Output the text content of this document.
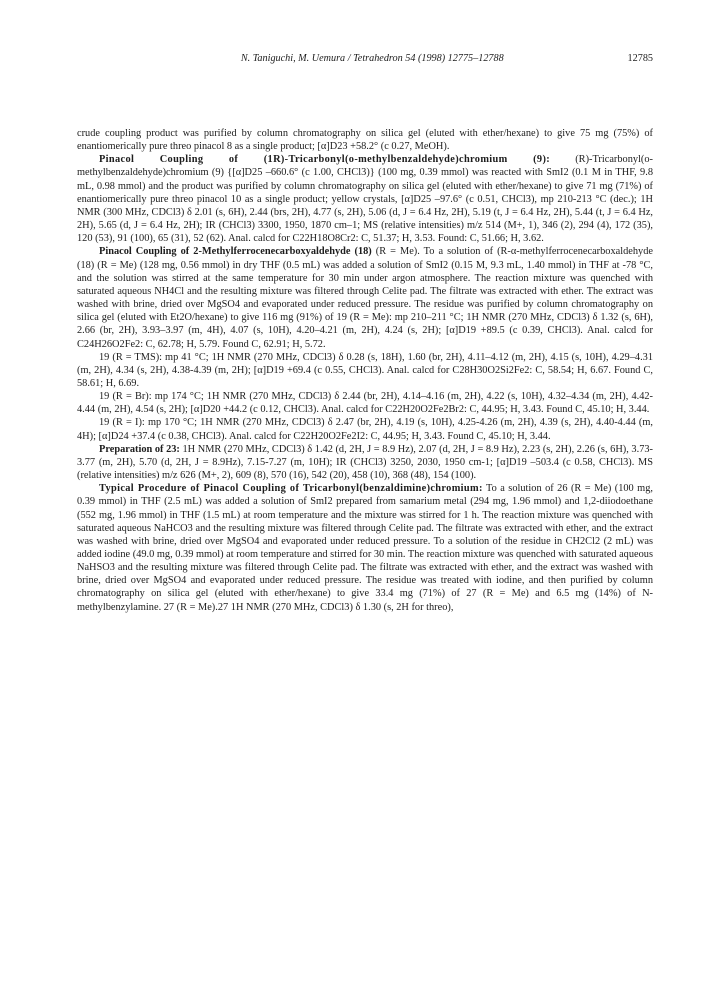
N. Taniguchi, M. Uemura / Tetrahedron 54 (1998) 12775–12788	12785

crude coupling product was purified by column chromatography on silica gel (eluted with ether/hexane) to give 75 mg (75%) of enantiomerically pure threo pinacol 8 as a single product; [α]D23 +58.2° (c 0.27, MeOH).

Pinacol Coupling of (1R)-Tricarbonyl(o-methylbenzaldehyde)chromium (9): (R)-Tricarbonyl(o-methylbenzaldehyde)chromium (9) {[α]D25 –660.6° (c 1.00, CHCl3)} (100 mg, 0.39 mmol) was reacted with SmI2 (0.1 M in THF, 9.8 mL, 0.98 mmol) and the product was purified by column chromatography on silica gel (eluted with ether/hexane) to give 71 mg (71%) of enantiomerically pure threo pinacol 10 as a single product; yellow crystals, [α]D25 –97.6° (c 0.51, CHCl3), mp 210-213 °C (dec.); 1H NMR (300 MHz, CDCl3) δ 2.01 (s, 6H), 2.44 (brs, 2H), 4.77 (s, 2H), 5.06 (d, J = 6.4 Hz, 2H), 5.19 (t, J = 6.4 Hz, 2H), 5.44 (t, J = 6.4 Hz, 2H), 5.65 (d, J = 6.4 Hz, 2H); IR (CHCl3) 3300, 1950, 1870 cm–1; MS (relative intensities) m/z 514 (M+, 1), 346 (2), 294 (4), 172 (35), 120 (53), 91 (100), 65 (31), 52 (62). Anal. calcd for C22H18O8Cr2: C, 51.37; H, 3.53. Found: C, 51.66; H, 3.62.

Pinacol Coupling of 2-Methylferrocenecarboxyaldehyde (18) (R = Me). To a solution of (R-α-methylferrocenecarboxaldehyde (18) (R = Me) (128 mg, 0.56 mmol) in dry THF (0.5 mL) was added a solution of SmI2 (0.15 M, 9.3 mL, 1.40 mmol) in THF at -78 °C, and the solution was stirred at the same temperature for 30 min under argon atmosphere. The reaction mixture was quenched with saturated aqueous NH4Cl and the resulting mixture was filtered through Celite pad. The filtrate was extracted with ether. The extract was washed with brine, dried over MgSO4 and evaporated under reduced pressure. The residue was purified by column chromatography on silica gel (eluted with Et2O/hexane) to give 116 mg (91%) of 19 (R = Me): mp 210–211 °C; 1H NMR (270 MHz, CDCl3) δ 1.32 (s, 6H), 2.66 (br, 2H), 3.93–3.97 (m, 4H), 4.07 (s, 10H), 4.20–4.21 (m, 2H), 4.24 (s, 2H); [α]D19 +89.5 (c 0.39, CHCl3). Anal. calcd for C24H26O2Fe2: C, 62.78; H, 5.79. Found C, 62.91; H, 5.72.

19 (R = TMS): mp 41 °C; 1H NMR (270 MHz, CDCl3) δ 0.28 (s, 18H), 1.60 (br, 2H), 4.11–4.12 (m, 2H), 4.15 (s, 10H), 4.29–4.31 (m, 2H), 4.34 (s, 2H), 4.38-4.39 (m, 2H); [α]D19 +69.4 (c 0.55, CHCl3). Anal. calcd for C28H30O2Si2Fe2: C, 58.54; H, 6.67. Found C, 58.61; H, 6.69.

19 (R = Br): mp 174 °C; 1H NMR (270 MHz, CDCl3) δ 2.44 (br, 2H), 4.14–4.16 (m, 2H), 4.22 (s, 10H), 4.32–4.34 (m, 2H), 4.42-4.44 (m, 2H), 4.54 (s, 2H); [α]D20 +44.2 (c 0.12, CHCl3). Anal. calcd for C22H20O2Fe2Br2: C, 44.95; H, 3.43. Found C, 45.10; H, 3.44.

19 (R = I): mp 170 °C; 1H NMR (270 MHz, CDCl3) δ 2.47 (br, 2H), 4.19 (s, 10H), 4.25-4.26 (m, 2H), 4.39 (s, 2H), 4.40-4.44 (m, 4H); [α]D24 +37.4 (c 0.38, CHCl3). Anal. calcd for C22H20O2Fe2I2: C, 44.95; H, 3.43. Found C, 45.10; H, 3.44.

Preparation of 23: 1H NMR (270 MHz, CDCl3) δ 1.42 (d, 2H, J = 8.9 Hz), 2.07 (d, 2H, J = 8.9 Hz), 2.23 (s, 2H), 2.26 (s, 6H), 3.73-3.77 (m, 2H), 5.70 (d, 2H, J = 8.9Hz), 7.15-7.27 (m, 10H); IR (CHCl3) 3250, 2030, 1950 cm-1; [α]D19 –503.4 (c 0.58, CHCl3). MS (relative intensities) m/z 626 (M+, 2), 609 (8), 570 (16), 542 (20), 458 (10), 368 (48), 154 (100).

Typical Procedure of Pinacol Coupling of Tricarbonyl(benzaldimine)chromium: To a solution of 26 (R = Me) (100 mg, 0.39 mmol) in THF (2.5 mL) was added a solution of SmI2 prepared from samarium metal (294 mg, 1.96 mmol) and 1,2-diiodoethane (552 mg, 1.96 mmol) in THF (1.5 mL) at room temperature and the mixture was stirred for 1 h. The reaction mixture was quenched with saturated aqueous NaHCO3 and the resulting mixture was filtered through Celite pad. The filtrate was extracted with ether, and the extract was washed with brine, dried over MgSO4 and evaporated under reduced pressure. To a solution of the residue in CH2Cl2 (2 mL) was added iodine (49.0 mg, 0.39 mmol) at room temperature and stirred for 30 min. The reaction mixture was quenched with saturated aqueous NaHSO3 and the resulting mixture was filtered through Celite pad. The filtrate was extracted with ether, and the extract was washed with brine, dried over MgSO4 and evaporated under reduced pressure. The residue was treated with iodine, and then purified by column chromatography on silica gel (eluted with ether/hexane) to give 33.4 mg (71%) of 27 (R = Me) and 6.5 mg (14%) of N-methylbenzylamine. 27 (R = Me).27 1H NMR (270 MHz, CDCl3) δ 1.30 (s, 2H for threo),
